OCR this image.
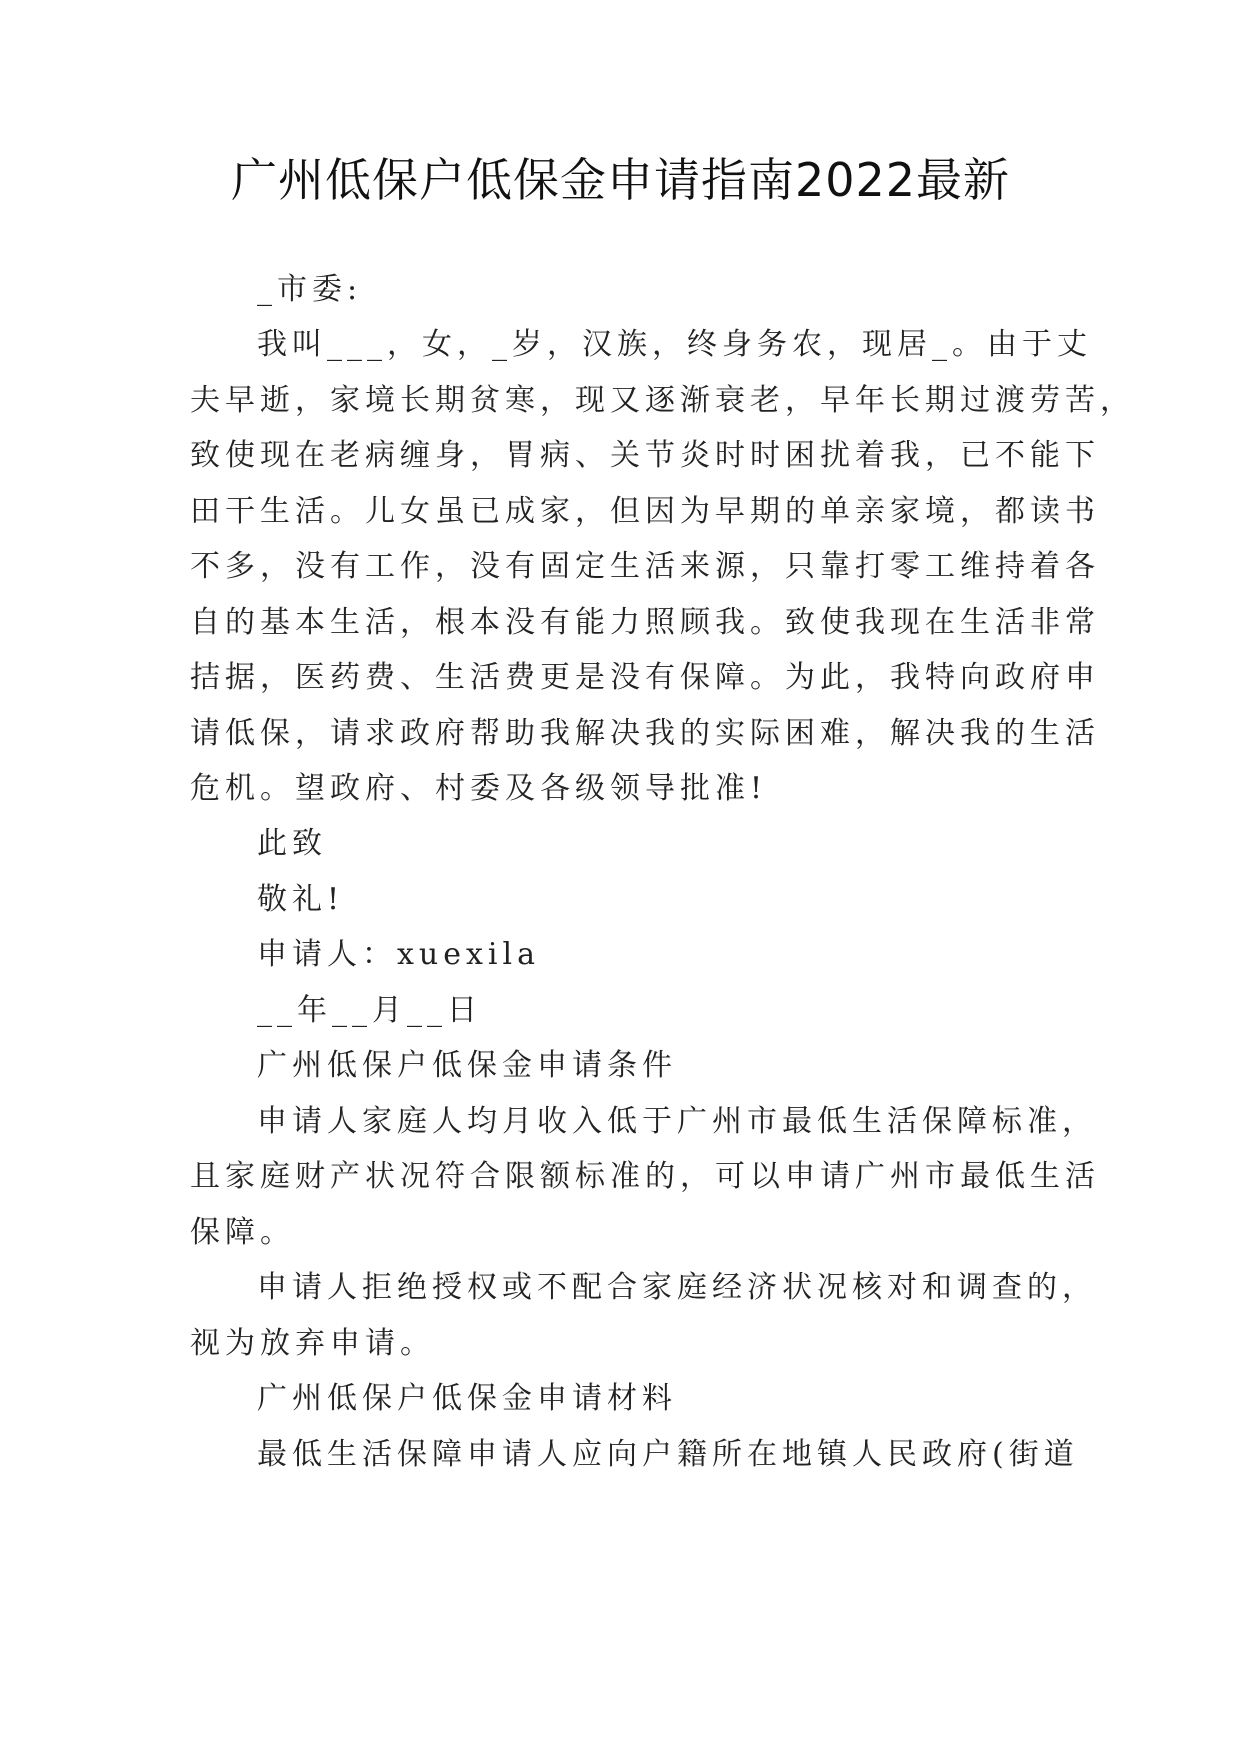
广州低保户低保金申请指南2022最新
_市委:
我叫___，女，_岁，汉族，终身务农，现居_。由于丈
夫早逝，家境长期贫寒，现又逐渐衰老，早年长期过渡劳苦，
致使现在老病缠身，胃病、关节炎时时困扰着我，已不能下
田干生活。儿女虽已成家，但因为早期的单亲家境，都读书
不多，没有工作，没有固定生活来源，只靠打零工维持着各
自的基本生活，根本没有能力照顾我。致使我现在生活非常
拮据，医药费、生活费更是没有保障。为此，我特向政府申
请低保，请求政府帮助我解决我的实际困难，解决我的生活
危机。望政府、村委及各级领导批准!
此致
敬礼!
申请人：xuexila
__年__月__日
广州低保户低保金申请条件
申请人家庭人均月收入低于广州市最低生活保障标准，
且家庭财产状况符合限额标准的，可以申请广州市最低生活
保障。
申请人拒绝授权或不配合家庭经济状况核对和调查的，
视为放弃申请。
广州低保户低保金申请材料
最低生活保障申请人应向户籍所在地镇人民政府(街道
